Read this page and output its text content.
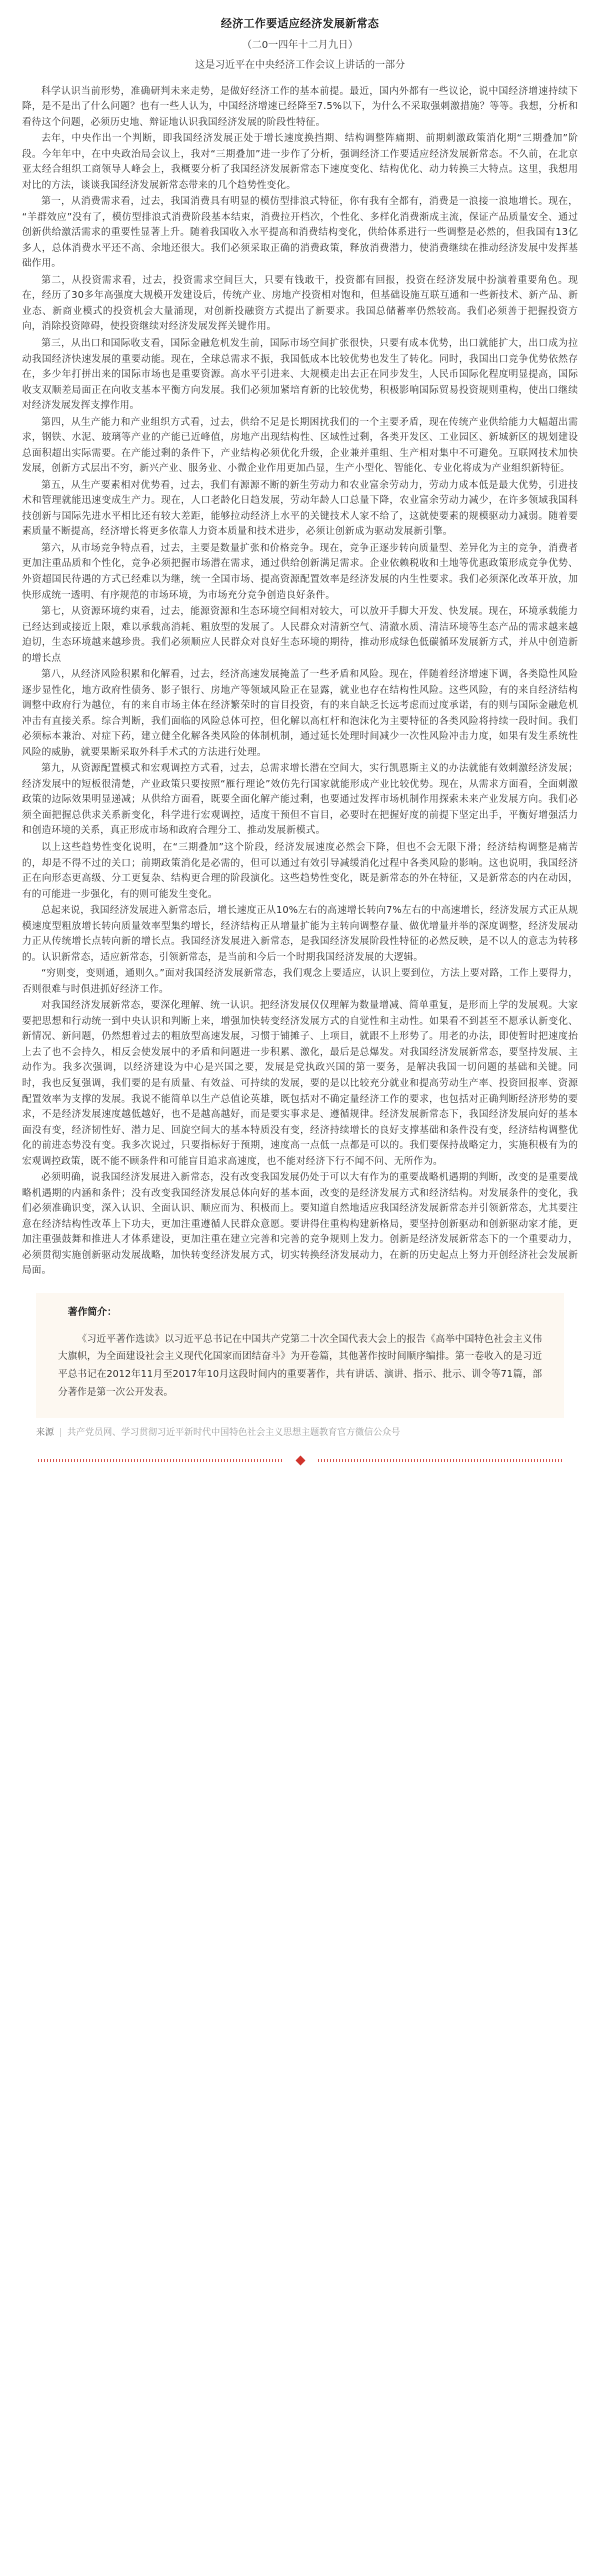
经济工作要适应经济发展新常态
（二0一四年十二月九日）
这是习近平在中央经济工作会议上讲话的一部分

科学认识当前形势，准确研判未来走势，是做好经济工作的基本前提。最近，国内外都有一些议论，说中国经济增速持续下降，是不是出了什么问题？也有一些人认为，中国经济增速已经降至7.5%以下，为什么不采取强刺激措施？等等。我想，分析和看待这个问题，必须历史地、辩证地认识我国经济发展的阶段性特征。

去年，中央作出一个判断，即我国经济发展正处于增长速度换挡期、结构调整阵痛期、前期刺激政策消化期“三期叠加”阶段。今年年中，在中央政治局会议上，我对“三期叠加”进一步作了分析，强调经济工作要适应经济发展新常态。不久前，在北京亚太经合组织工商领导人峰会上，我概要分析了我国经济发展新常态下速度变化、结构优化、动力转换三大特点。这里，我想用对比的方法，谈谈我国经济发展新常态带来的几个趋势性变化。

第一，从消费需求看，过去，我国消费具有明显的模仿型排浪式特征，你有我有全都有，消费是一浪接一浪地增长。现在，“羊群效应”没有了，模仿型排浪式消费阶段基本结束，消费拉开档次，个性化、多样化消费渐成主流，保证产品质量安全、通过创新供给激活需求的重要性显著上升。随着我国收入水平提高和消费结构变化，供给体系进行一些调整是必然的，但我国有13亿多人，总体消费水平还不高、余地还很大。我们必须采取正确的消费政策，释放消费潜力，使消费继续在推动经济发展中发挥基础作用。

第二，从投资需求看，过去，投资需求空间巨大，只要有钱敢干，投资都有回报，投资在经济发展中扮演着重要角色。现在，经历了30多年高强度大规模开发建设后，传统产业、房地产投资相对饱和，但基础设施互联互通和一些新技术、新产品、新业态、新商业模式的投资机会大量涌现，对创新投融资方式提出了新要求。我国总储蓄率仍然较高。我们必须善于把握投资方向，消除投资障碍，使投资继续对经济发展发挥关键作用。

第三，从出口和国际收支看，国际金融危机发生前，国际市场空间扩张很快，只要有成本优势，出口就能扩大，出口成为拉动我国经济快速发展的重要动能。现在，全球总需求不振，我国低成本比较优势也发生了转化。同时，我国出口竞争优势依然存在，多少年打拼出来的国际市场也是重要资源。高水平引进来、大规模走出去正在同步发生，人民币国际化程度明显提高，国际收支双顺差局面正在向收支基本平衡方向发展。我们必须加紧培育新的比较优势，积极影响国际贸易投资规则重构，使出口继续对经济发展发挥支撑作用。

第四，从生产能力和产业组织方式看，过去，供给不足是长期困扰我们的一个主要矛盾，现在传统产业供给能力大幅超出需求，钢铁、水泥、玻璃等产业的产能已近峰值，房地产出现结构性、区域性过剩，各类开发区、工业园区、新城新区的规划建设总面积超出实际需要。在产能过剩的条件下，产业结构必须优化升级，企业兼并重组、生产相对集中不可避免。互联网技术加快发展，创新方式层出不穷，新兴产业、服务业、小微企业作用更加凸显，生产小型化、智能化、专业化将成为产业组织新特征。

第五，从生产要素相对优势看，过去，我们有源源不断的新生劳动力和农业富余劳动力，劳动力成本低是最大优势，引进技术和管理就能迅速变成生产力。现在，人口老龄化日趋发展，劳动年龄人口总量下降，农业富余劳动力减少，在许多领域我国科技创新与国际先进水平相比还有较大差距，能够拉动经济上水平的关键技术人家不给了，这就使要素的规模驱动力减弱。随着要素质量不断提高，经济增长将更多依靠人力资本质量和技术进步，必须让创新成为驱动发展新引擎。

第六，从市场竞争特点看，过去，主要是数量扩张和价格竞争。现在，竞争正逐步转向质量型、差异化为主的竞争，消费者更加注重品质和个性化，竞争必须把握市场潜在需求，通过供给创新满足需求。企业依赖税收和土地等优惠政策形成竞争优势、外资超国民待遇的方式已经难以为继，统一全国市场、提高资源配置效率是经济发展的内生性要求。我们必须深化改革开放，加快形成统一透明、有序规范的市场环境，为市场充分竞争创造良好条件。

第七，从资源环境约束看，过去，能源资源和生态环境空间相对较大，可以放开手脚大开发、快发展。现在，环境承载能力已经达到或接近上限，难以承载高消耗、粗放型的发展了。人民群众对清新空气、清澈水质、清洁环境等生态产品的需求越来越迫切，生态环境越来越珍贵。我们必须顺应人民群众对良好生态环境的期待，推动形成绿色低碳循环发展新方式，并从中创造新的增长点

第八，从经济风险积累和化解看，过去，经济高速发展掩盖了一些矛盾和风险。现在，伴随着经济增速下调，各类隐性风险逐步显性化，地方政府性债务、影子银行、房地产等领域风险正在显露，就业也存在结构性风险。这些风险，有的来自经济结构调整中政府行为越位，有的来自市场主体在经济繁荣时的盲目投资，有的来自缺乏长远考虑而过度承诺，有的则与国际金融危机冲击有直接关系。综合判断，我们面临的风险总体可控，但化解以高杠杆和泡沫化为主要特征的各类风险将持续一段时间。我们必须标本兼治、对症下药，建立健全化解各类风险的体制机制，通过延长处理时间减少一次性风险冲击力度，如果有发生系统性风险的威胁，就要果断采取外科手术式的方法进行处理。

第九，从资源配置模式和宏观调控方式看，过去，总需求增长潜在空间大，实行凯恩斯主义的办法就能有效刺激经济发展；经济发展中的短板很清楚，产业政策只要按照“雁行理论”效仿先行国家就能形成产业比较优势。现在，从需求方面看，全面刺激政策的边际效果明显递减；从供给方面看，既要全面化解产能过剩，也要通过发挥市场机制作用探索未来产业发展方向。我们必须全面把握总供求关系新变化，科学进行宏观调控，适度干预但不盲目，必要时在把握好度的前提下坚定出手，平衡好增强活力和创造环境的关系，真正形成市场和政府合理分工、推动发展新模式。

以上这些趋势性变化说明，在“三期叠加”这个阶段，经济发展速度必然会下降，但也不会无限下滑；经济结构调整是痛苦的，却是不得不过的关口；前期政策消化是必需的，但可以通过有效引导减缓消化过程中各类风险的影响。这也说明，我国经济正在向形态更高级、分工更复杂、结构更合理的阶段演化。这些趋势性变化，既是新常态的外在特征，又是新常态的内在动因，有的可能进一步强化，有的则可能发生变化。

总起来说，我国经济发展进入新常态后，增长速度正从10%左右的高速增长转向7%左右的中高速增长，经济发展方式正从规模速度型粗放增长转向质量效率型集约增长，经济结构正从增量扩能为主转向调整存量、做优增量并举的深度调整，经济发展动力正从传统增长点转向新的增长点。我国经济发展进入新常态，是我国经济发展阶段性特征的必然反映，是不以人的意志为转移的。认识新常态，适应新常态，引领新常态，是当前和今后一个时期我国经济发展的大逻辑。

“穷则变，变则通，通则久。”面对我国经济发展新常态，我们观念上要适应，认识上要到位，方法上要对路，工作上要得力，否则很难与时俱进抓好经济工作。

对我国经济发展新常态，要深化理解、统一认识。把经济发展仅仅理解为数量增减、简单重复，是形而上学的发展观。大家要把思想和行动统一到中央认识和判断上来，增强加快转变经济发展方式的自觉性和主动性。如果看不到甚至不愿承认新变化、新情况、新问题，仍然想着过去的粗放型高速发展，习惯于铺摊子、上项目，就跟不上形势了。用老的办法，即使暂时把速度抬上去了也不会持久，相反会使发展中的矛盾和问题进一步积累、激化，最后是总爆发。对我国经济发展新常态，要坚持发展、主动作为。我多次强调，以经济建设为中心是兴国之要，发展是党执政兴国的第一要务，是解决我国一切问题的基础和关键。同时，我也反复强调，我们要的是有质量、有效益、可持续的发展，要的是以比较充分就业和提高劳动生产率、投资回报率、资源配置效率为支撑的发展。我说不能简单以生产总值论英雄，既包括对不确定量经济工作的要求，也包括对正确判断经济形势的要求，不是经济发展速度越低越好，也不是越高越好，而是要实事求是、遵循规律。经济发展新常态下，我国经济发展向好的基本面没有变，经济韧性好、潜力足、回旋空间大的基本特质没有变，经济持续增长的良好支撑基础和条件没有变，经济结构调整优化的前进态势没有变。我多次说过，只要指标好于预期，速度高一点低一点都是可以的。我们要保持战略定力，实施积极有为的宏观调控政策，既不能不顾条件和可能盲目追求高速度，也不能对经济下行不闻不问、无所作为。

必须明确，说我国经济发展进入新常态，没有改变我国发展仍处于可以大有作为的重要战略机遇期的判断，改变的是重要战略机遇期的内涵和条件；没有改变我国经济发展总体向好的基本面，改变的是经济发展方式和经济结构。对发展条件的变化，我们必须准确识变，深入认识、全面认识、顺应而为、积极而上。要知道自然地适应我国经济发展新常态并引领新常态，尤其要注意在经济结构性改革上下功夫，更加注重遵循人民群众意愿。要讲得住重构构建新格局，要坚持创新驱动和创新驱动家才能，更加注重强鼓舞和推进人才体系建设，更加注重在建立完善和完善的竞争规则上发力。创新是经济发展新常态下的一个重要动力，必须贯彻实施创新驱动发展战略，加快转变经济发展方式，切实转换经济发展动力，在新的历史起点上努力开创经济社会发展新局面。

著作简介：

《习近平著作选读》以习近平总书记在中国共产党第二十次全国代表大会上的报告《高举中国特色社会主义伟大旗帜，为全面建设社会主义现代化国家而团结奋斗》为开卷篇，其他著作按时间顺序编排。第一卷收入的是习近平总书记在2012年11月至2017年10月这段时间内的重要著作，共有讲话、演讲、指示、批示、训令等71篇，部分著作是第一次公开发表。

来源 | 共产党员网、学习贯彻习近平新时代中国特色社会主义思想主题教育官方微信公众号
